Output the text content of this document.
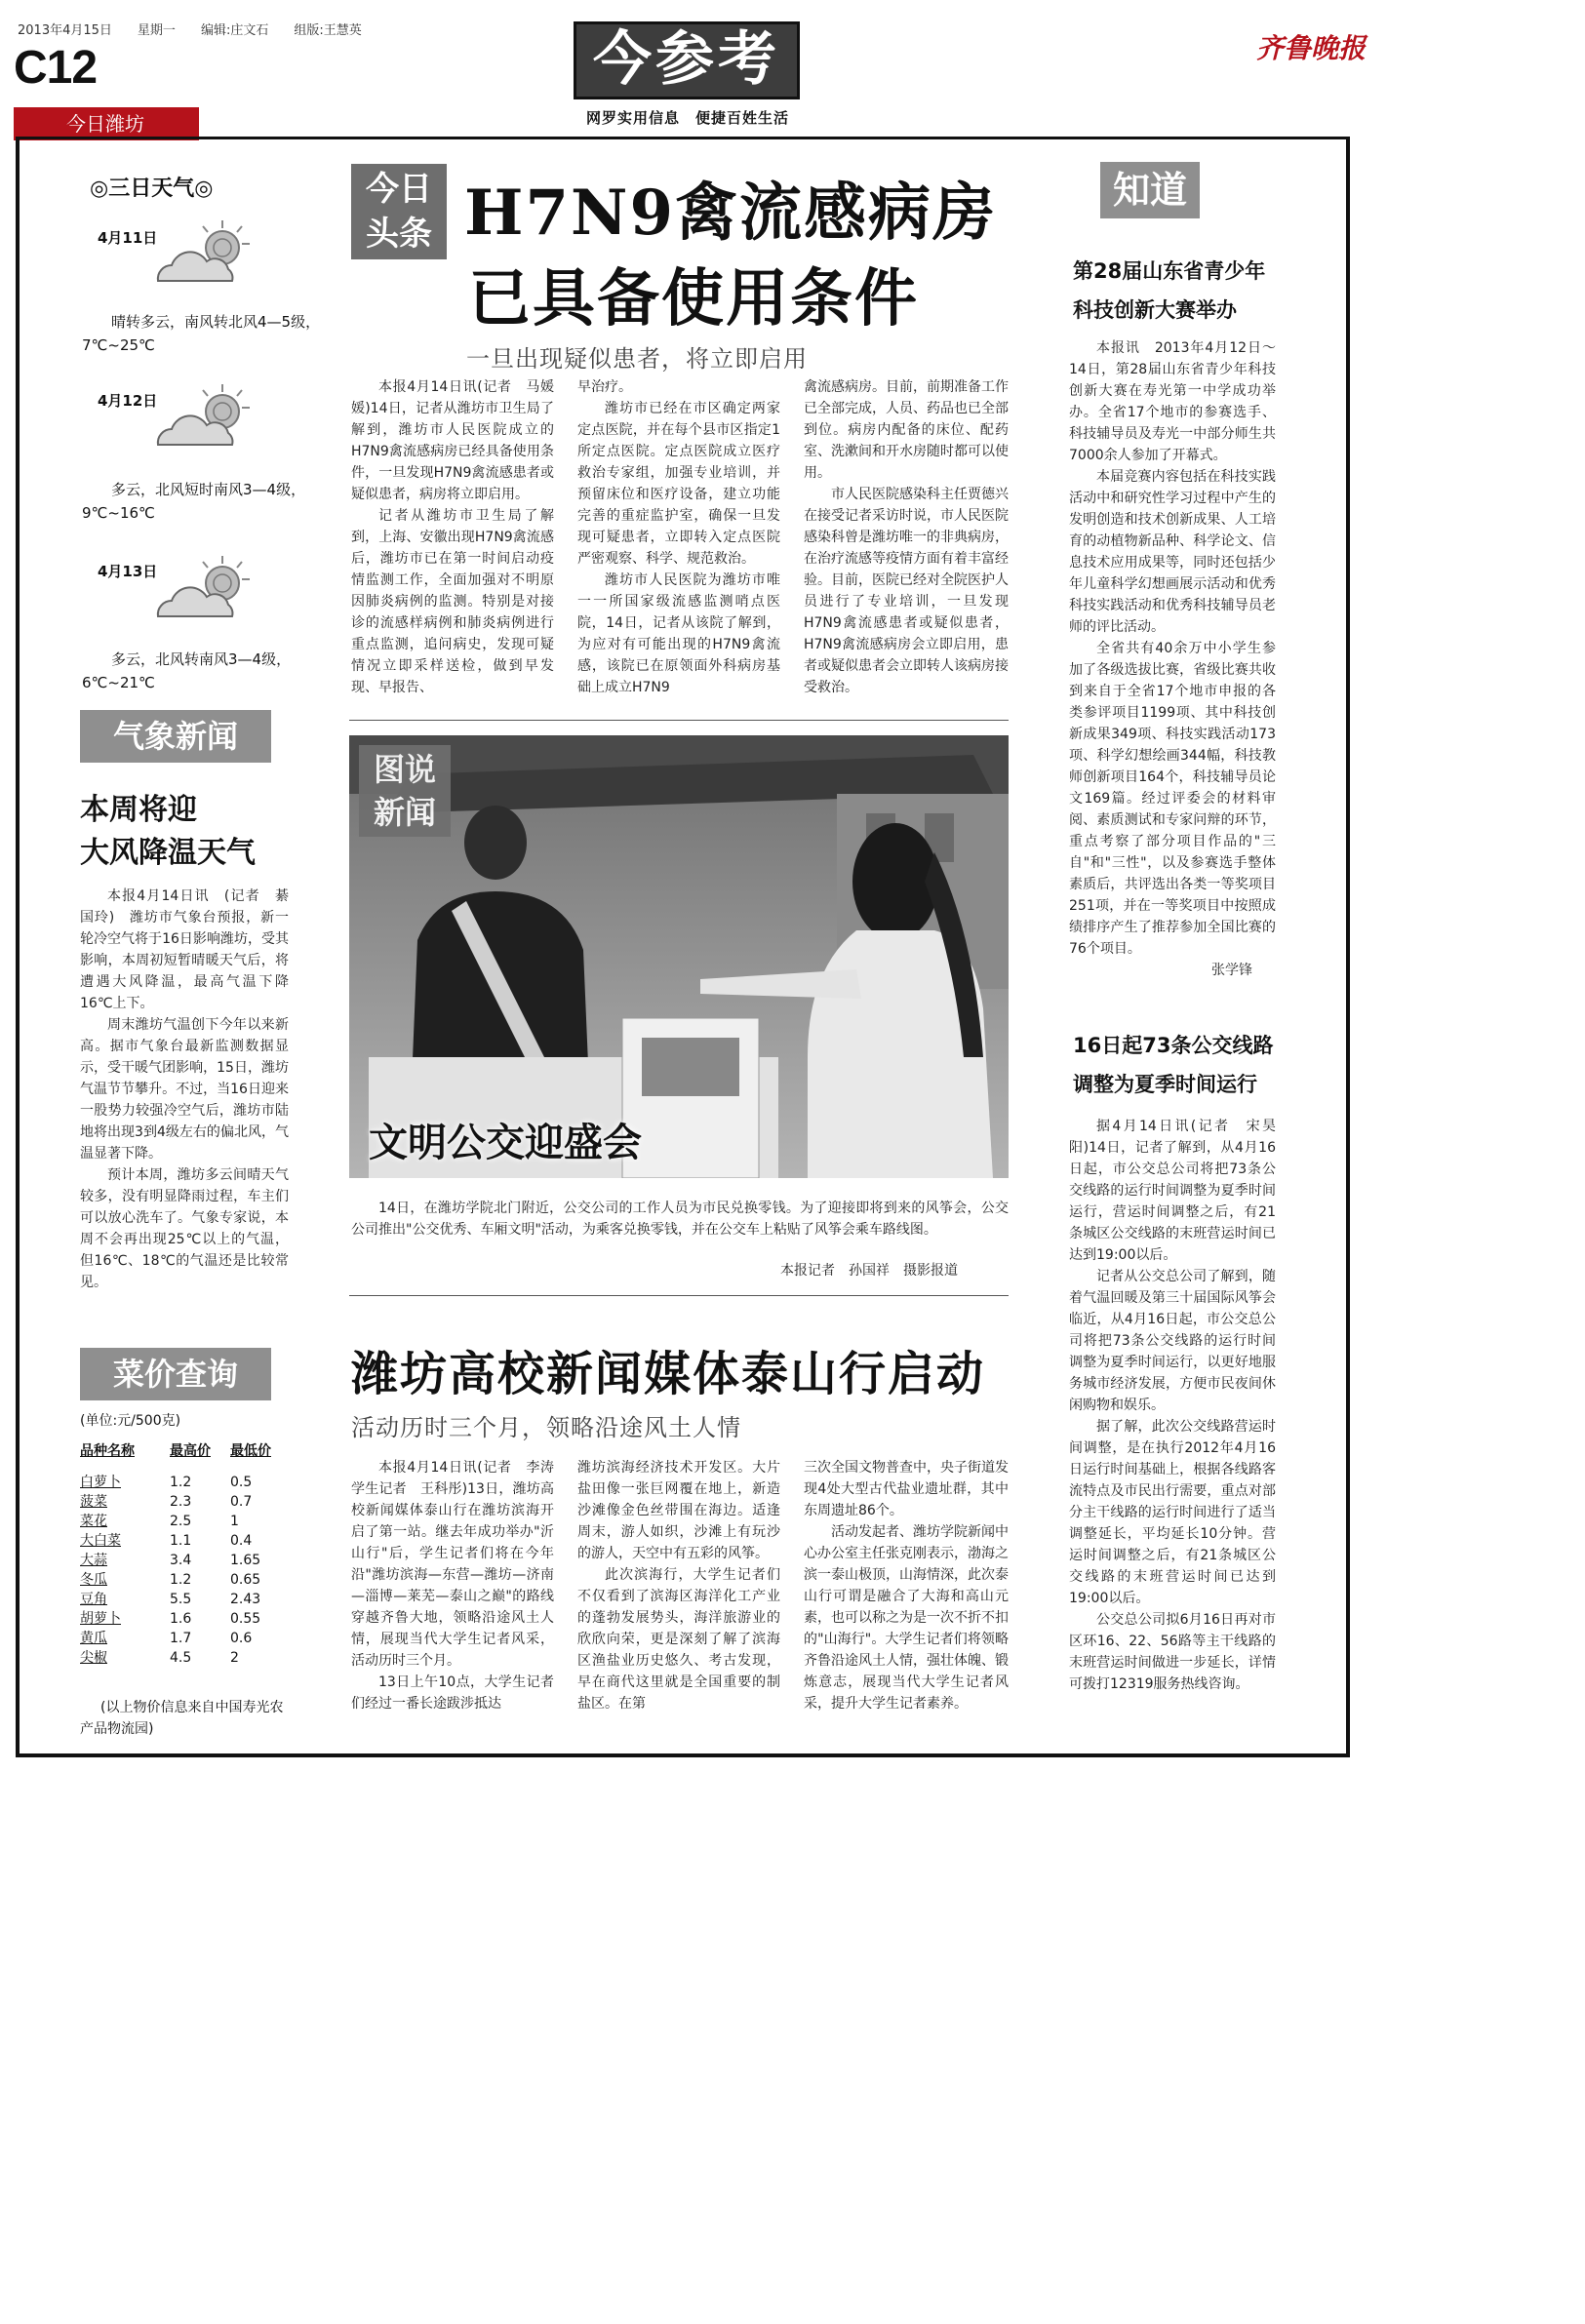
2013年4月15日　　 星期一　　 编辑:庄文石　　 组版:王慧英
C12
今日潍坊
今参考
网罗实用信息　便捷百姓生活
齐鲁晚报
◎三日天气◎
4月11日
晴转多云，南风转北风4—5级，7℃~25℃
4月12日
多云，北风短时南风3—4级，9℃~16℃
4月13日
多云，北风转南风3—4级，6℃~21℃
气象新闻
本周将迎
大风降温天气

本报4月14日讯　(记者　綦国玲)　潍坊市气象台预报，新一轮冷空气将于16日影响潍坊，受其影响，本周初短暂晴暖天气后，将遭遇大风降温，最高气温下降16℃上下。

周末潍坊气温创下今年以来新高。据市气象台最新监测数据显示，受干暖气团影响，15日，潍坊气温节节攀升。不过，当16日迎来一股势力较强冷空气后，潍坊市陆地将出现3到4级左右的偏北风，气温显著下降。

预计本周，潍坊多云间晴天气较多，没有明显降雨过程，车主们可以放心洗车了。气象专家说，本周不会再出现25℃以上的气温，但16℃、18℃的气温还是比较常见。

菜价查询
(单位:元/500克)
品种名称	最高价	最低价

白萝卜	1.2	0.5
菠菜	2.3	0.7
菜花	2.5	1
大白菜	1.1	0.4
大蒜	3.4	1.65
冬瓜	1.2	0.65
豆角	5.5	2.43
胡萝卜	1.6	0.55
黄瓜	1.7	0.6
尖椒	4.5	2
(以上物价信息来自中国寿光农产品物流园)
今日头条 H7N9禽流感病房
已具备使用条件
一旦出现疑似患者，将立即启用

本报4月14日讯(记者　马媛媛)14日，记者从潍坊市卫生局了解到，潍坊市人民医院成立的H7N9禽流感病房已经具备使用条件，一旦发现H7N9禽流感患者或疑似患者，病房将立即启用。

记者从潍坊市卫生局了解到，上海、安徽出现H7N9禽流感后，潍坊市已在第一时间启动疫情监测工作，全面加强对不明原因肺炎病例的监测。特别是对接诊的流感样病例和肺炎病例进行重点监测，追问病史，发现可疑情况立即采样送检，做到早发现、早报告、

早治疗。

潍坊市已经在市区确定两家定点医院，并在每个县市区指定1所定点医院。定点医院成立医疗救治专家组，加强专业培训，并预留床位和医疗设备，建立功能完善的重症监护室，确保一旦发现可疑患者，立即转入定点医院严密观察、科学、规范救治。

潍坊市人民医院为潍坊市唯一一所国家级流感监测哨点医院，14日，记者从该院了解到，为应对有可能出现的H7N9禽流感，该院已在原领面外科病房基础上成立H7N9

禽流感病房。目前，前期准备工作已全部完成，人员、药品也已全部到位。病房内配备的床位、配药室、洗漱间和开水房随时都可以使用。

市人民医院感染科主任贾德兴在接受记者采访时说，市人民医院感染科曾是潍坊唯一的非典病房，在治疗流感等疫情方面有着丰富经验。目前，医院已经对全院医护人员进行了专业培训，一旦发现H7N9禽流感患者或疑似患者，H7N9禽流感病房会立即启用，患者或疑似患者会立即转人该病房接受救治。

图说新闻
文明公交迎盛会
14日，在潍坊学院北门附近，公交公司的工作人员为市民兑换零钱。为了迎接即将到来的风筝会，公交公司推出"公交优秀、车厢文明"活动，为乘客兑换零钱，并在公交车上粘贴了风筝会乘车路线图。
本报记者　孙国祥　摄影报道
潍坊高校新闻媒体泰山行启动
活动历时三个月，领略沿途风土人情

本报4月14日讯(记者　李涛　学生记者　王科彤)13日，潍坊高校新闻媒体泰山行在潍坊滨海开启了第一站。继去年成功举办"沂山行"后，学生记者们将在今年沿"潍坊滨海—东营—潍坊—济南—淄博—莱芜—泰山之巅"的路线穿越齐鲁大地，领略沿途风土人情，展现当代大学生记者风采，活动历时三个月。

13日上午10点，大学生记者们经过一番长途跋涉抵达

潍坊滨海经济技术开发区。大片盐田像一张巨网覆在地上，新造沙滩像金色丝带围在海边。适逢周末，游人如织，沙滩上有玩沙的游人，天空中有五彩的风筝。

此次滨海行，大学生记者们不仅看到了滨海区海洋化工产业的蓬勃发展势头，海洋旅游业的欣欣向荣，更是深刻了解了滨海区渔盐业历史悠久、考古发现，早在商代这里就是全国重要的制盐区。在第

三次全国文物普查中，央子街道发现4处大型古代盐业遗址群，其中东周遗址86个。

活动发起者、潍坊学院新闻中心办公室主任张克刚表示，渤海之滨一泰山极顶，山海情深，此次泰山行可谓是融合了大海和高山元素，也可以称之为是一次不折不扣的"山海行"。大学生记者们将领略齐鲁沿途风土人情，强壮体魄、锻炼意志，展现当代大学生记者风采，提升大学生记者素养。

知道
第28届山东省青少年
科技创新大赛举办

本报讯　2013年4月12日～14日，第28届山东省青少年科技创新大赛在寿光第一中学成功举办。全省17个地市的参赛选手、科技辅导员及寿光一中部分师生共7000余人参加了开幕式。

本届竞赛内容包括在科技实践活动中和研究性学习过程中产生的发明创造和技术创新成果、人工培育的动植物新品种、科学论文、信息技术应用成果等，同时还包括少年儿童科学幻想画展示活动和优秀科技实践活动和优秀科技辅导员老师的评比活动。

全省共有40余万中小学生参加了各级选拔比赛，省级比赛共收到来自于全省17个地市申报的各类参评项目1199项、其中科技创新成果349项、科技实践活动173项、科学幻想绘画344幅，科技教师创新项目164个，科技辅导员论文169篇。经过评委会的材料审阅、素质测试和专家问辩的环节，重点考察了部分项目作品的"三自"和"三性"，以及参赛选手整体素质后，共评选出各类一等奖项目251项，并在一等奖项目中按照成绩排序产生了推荐参加全国比赛的76个项目。

张学锋
16日起73条公交线路
调整为夏季时间运行

据4月14日讯(记者　宋昊阳)14日，记者了解到，从4月16日起，市公交总公司将把73条公交线路的运行时间调整为夏季时间运行，营运时间调整之后，有21条城区公交线路的末班营运时间已达到19:00以后。

记者从公交总公司了解到，随着气温回暖及第三十届国际风筝会临近，从4月16日起，市公交总公司将把73条公交线路的运行时间调整为夏季时间运行，以更好地服务城市经济发展，方便市民夜间休闲购物和娱乐。

据了解，此次公交线路营运时间调整，是在执行2012年4月16日运行时间基础上，根据各线路客流特点及市民出行需要，重点对部分主干线路的运行时间进行了适当调整延长，平均延长10分钟。营运时间调整之后，有21条城区公交线路的末班营运时间已达到19:00以后。

公交总公司拟6月16日再对市区环16、22、56路等主干线路的末班营运时间做进一步延长，详情可拨打12319服务热线咨询。
